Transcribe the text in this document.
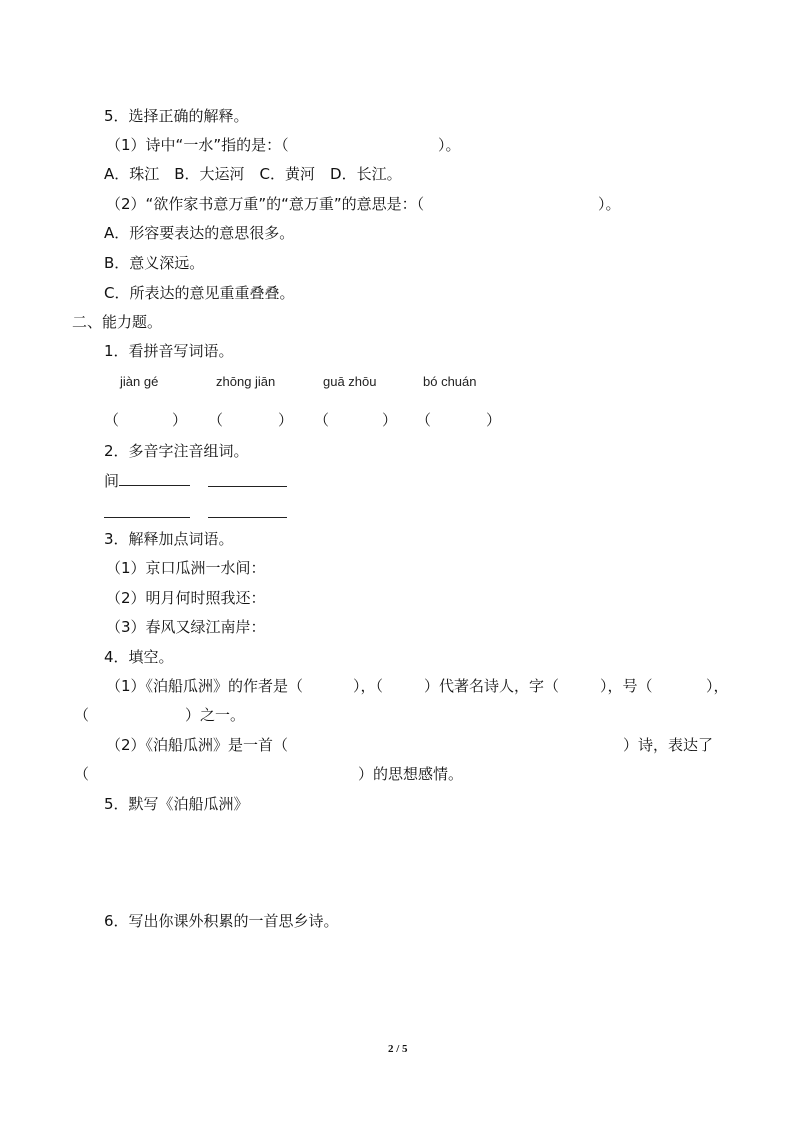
5．选择正确的解释。
（1）诗中“一水”指的是：（	）。
A．珠江　B．大运河　C．黄河　D．长江。
（2）“欲作家书意万重”的“意万重”的意思是：（	）。
A．形容要表达的意思很多。
B．意义深远。
C．所表达的意见重重叠叠。
二、能力题。
1．看拼音写词语。
jiàn gé	zhōng jiān	guā zhōu	bó chuán
（	） （	） （	） （	）
2．多音字注音组词。
间
3．解释加点词语。
（1）京口瓜洲一水间：
（2）明月何时照我还：
（3）春风又绿江南岸：
4．填空。
（1）《泊船瓜洲》的作者是（	），（	）代著名诗人，字（	），号（	），
（	）之一。
（2）《泊船瓜洲》是一首（	）诗，表达了
（	）的思想感情。
5．默写《泊船瓜洲》
6．写出你课外积累的一首思乡诗。
2 / 5
